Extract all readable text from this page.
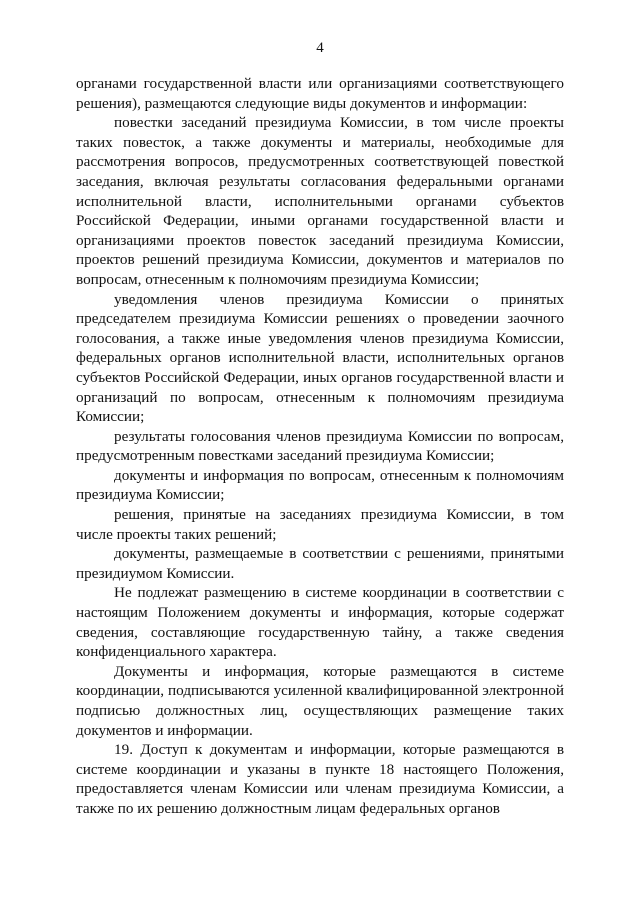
4

органами государственной власти или организациями соответствующего решения), размещаются следующие виды документов и информации:

повестки заседаний президиума Комиссии, в том числе проекты таких повесток, а также документы и материалы, необходимые для рассмотрения вопросов, предусмотренных соответствующей повесткой заседания, включая результаты согласования федеральными органами исполнительной власти, исполнительными органами субъектов Российской Федерации, иными органами государственной власти и организациями проектов повесток заседаний президиума Комиссии, проектов решений президиума Комиссии, документов и материалов по вопросам, отнесенным к полномочиям президиума Комиссии;

уведомления членов президиума Комиссии о принятых председателем президиума Комиссии решениях о проведении заочного голосования, а также иные уведомления членов президиума Комиссии, федеральных органов исполнительной власти, исполнительных органов субъектов Российской Федерации, иных органов государственной власти и организаций по вопросам, отнесенным к полномочиям президиума Комиссии;

результаты голосования членов президиума Комиссии по вопросам, предусмотренным повестками заседаний президиума Комиссии;

документы и информация по вопросам, отнесенным к полномочиям президиума Комиссии;

решения, принятые на заседаниях президиума Комиссии, в том числе проекты таких решений;

документы, размещаемые в соответствии с решениями, принятыми президиумом Комиссии.

Не подлежат размещению в системе координации в соответствии с настоящим Положением документы и информация, которые содержат сведения, составляющие государственную тайну, а также сведения конфиденциального характера.

Документы и информация, которые размещаются в системе координации, подписываются усиленной квалифицированной электронной подписью должностных лиц, осуществляющих размещение таких документов и информации.

19. Доступ к документам и информации, которые размещаются в системе координации и указаны в пункте 18 настоящего Положения, предоставляется членам Комиссии или членам президиума Комиссии, а также по их решению должностным лицам федеральных органов
